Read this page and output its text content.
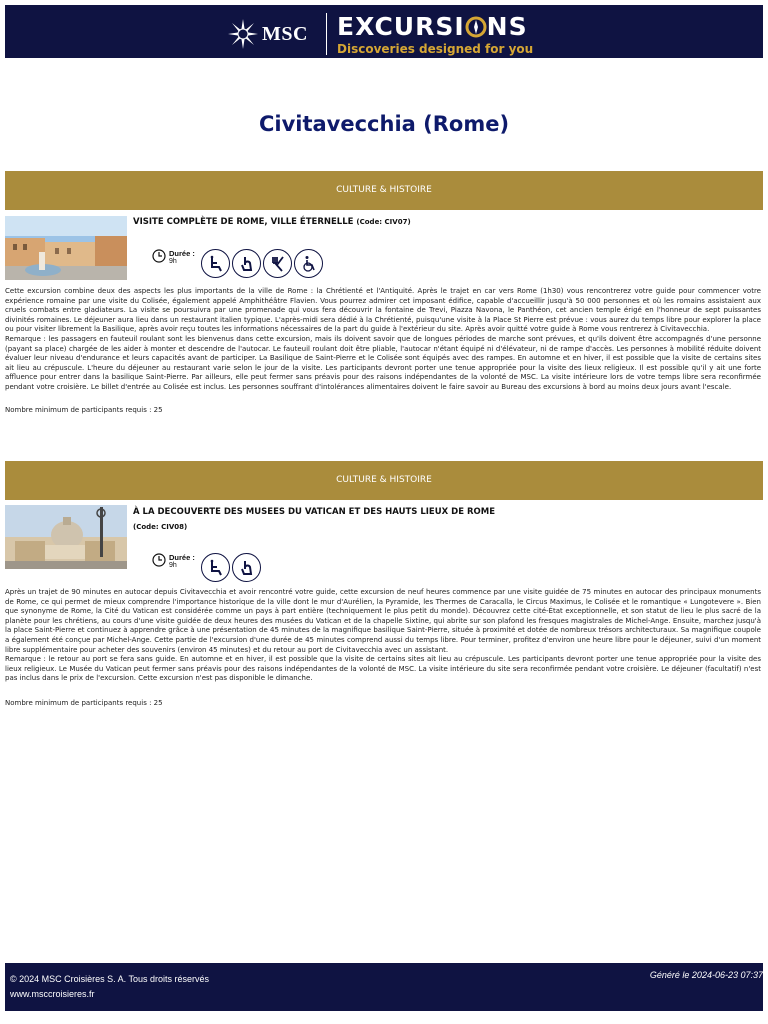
MSC EXCURSI NS
Discoveries designed for you
Civitavecchia (Rome)
CULTURE & HISTOIRE
VISITE COMPLÈTE DE ROME, VILLE ÉTERNELLE (Code: CIV07)
Durée :
9h

Cette excursion combine deux des aspects les plus importants de la ville de Rome : la Chrétienté et l'Antiquité. Après le trajet en car vers Rome (1h30) vous rencontrerez votre guide pour commencer votre expérience romaine par une visite du Colisée, également appelé Amphithéâtre Flavien. Vous pourrez admirer cet imposant édifice, capable d'accueillir jusqu'à 50 000 personnes et où les romains assistaient aux cruels combats entre gladiateurs. La visite se poursuivra par une promenade qui vous fera découvrir la fontaine de Trevi, Piazza Navona, le Panthéon, cet ancien temple érigé en l'honneur de sept puissantes divinités romaines. Le déjeuner aura lieu dans un restaurant italien typique. L'après-midi sera dédié à la Chrétienté, puisqu'une visite à la Place St Pierre est prévue : vous aurez du temps libre pour explorer la place ou pour visiter librement la Basilique, après avoir reçu toutes les informations nécessaires de la part du guide à l'extérieur du site. Après avoir quitté votre guide à Rome vous rentrerez à Civitavecchia.

Remarque : les passagers en fauteuil roulant sont les bienvenus dans cette excursion, mais ils doivent savoir que de longues périodes de marche sont prévues, et qu'ils doivent être accompagnés d'une personne (payant sa place) chargée de les aider à monter et descendre de l'autocar. Le fauteuil roulant doit être pliable, l'autocar n'étant équipé ni d'élévateur, ni de rampe d'accès. Les personnes à mobilité réduite doivent évaluer leur niveau d'endurance et leurs capacités avant de participer. La Basilique de Saint-Pierre et le Colisée sont équipés avec des rampes. En automne et en hiver, il est possible que la visite de certains sites ait lieu au crépuscule. L'heure du déjeuner au restaurant varie selon le jour de la visite. Les participants devront porter une tenue appropriée pour la visite des lieux religieux. Il est possible qu'il y ait une forte affluence pour entrer dans la basilique Saint-Pierre. Par ailleurs, elle peut fermer sans préavis pour des raisons indépendantes de la volonté de MSC. La visite intérieure lors de votre temps libre sera reconfirmée pendant votre croisière. Le billet d'entrée au Colisée est inclus. Les personnes souffrant d'intolérances alimentaires doivent le faire savoir au Bureau des excursions à bord au moins deux jours avant l'escale.

Nombre minimum de participants requis : 25
CULTURE & HISTOIRE
À LA DECOUVERTE DES MUSEES DU VATICAN ET DES HAUTS LIEUX DE ROME (Code: CIV08)
Durée :
9h

Après un trajet de 90 minutes en autocar depuis Civitavecchia et avoir rencontré votre guide, cette excursion de neuf heures commence par une visite guidée de 75 minutes en autocar des principaux monuments de Rome, ce qui permet de mieux comprendre l'importance historique de la ville dont le mur d'Aurélien, la Pyramide, les Thermes de Caracalla, le Circus Maximus, le Colisée et le romantique « Lungotevere ». Bien que synonyme de Rome, la Cité du Vatican est considérée comme un pays à part entière (techniquement le plus petit du monde). Découvrez cette cité-État exceptionnelle, et son statut de lieu le plus sacré de la planète pour les chrétiens, au cours d'une visite guidée de deux heures des musées du Vatican et de la chapelle Sixtine, qui abrite sur son plafond les fresques magistrales de Michel-Ange. Ensuite, marchez jusqu'à la place Saint-Pierre et continuez à apprendre grâce à une présentation de 45 minutes de la magnifique basilique Saint-Pierre, située à proximité et dotée de nombreux trésors architecturaux. Sa magnifique coupole a également été conçue par Michel-Ange. Cette partie de l'excursion d'une durée de 45 minutes comprend aussi du temps libre. Pour terminer, profitez d'environ une heure libre pour le déjeuner, suivi d'un moment libre supplémentaire pour acheter des souvenirs (environ 45 minutes) et du retour au port de Civitavecchia avec un assistant.

Remarque : le retour au port se fera sans guide. En automne et en hiver, il est possible que la visite de certains sites ait lieu au crépuscule. Les participants devront porter une tenue appropriée pour la visite des lieux religieux. Le Musée du Vatican peut fermer sans préavis pour des raisons indépendantes de la volonté de MSC. La visite intérieure du site sera reconfirmée pendant votre croisière. Le déjeuner (facultatif) n'est pas inclus dans le prix de l'excursion. Cette excursion n'est pas disponible le dimanche.

Nombre minimum de participants requis : 25
© 2024 MSC Croisières S. A. Tous droits réservés
www.msccroisieres.fr
Généré le 2024-06-23 07:37
